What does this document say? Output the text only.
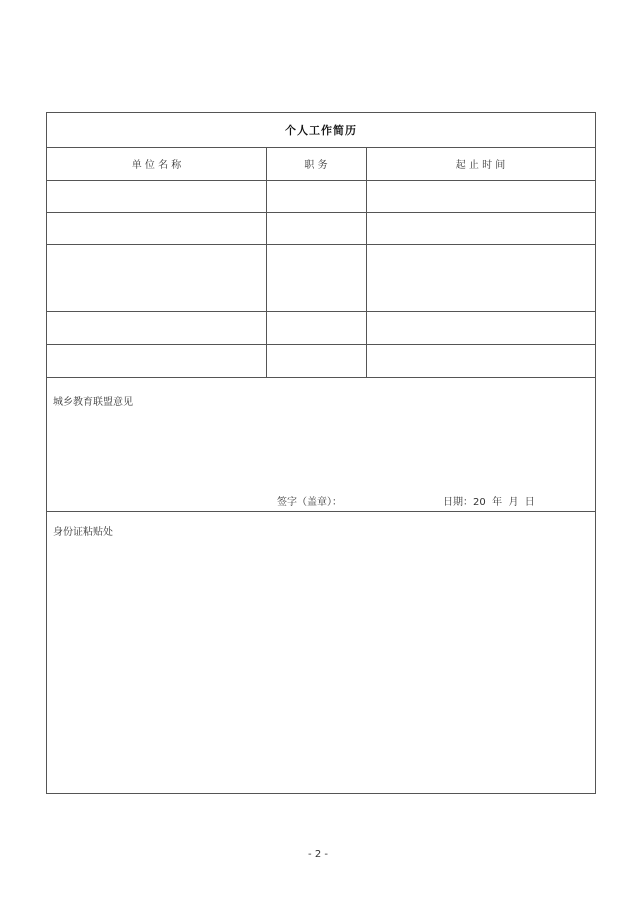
个人工作简历
单 位 名 称	职 务	起 止 时 间
城乡教育联盟意见
签字（盖章）：	日期：20  年  月  日
身份证粘贴处
- 2 -
